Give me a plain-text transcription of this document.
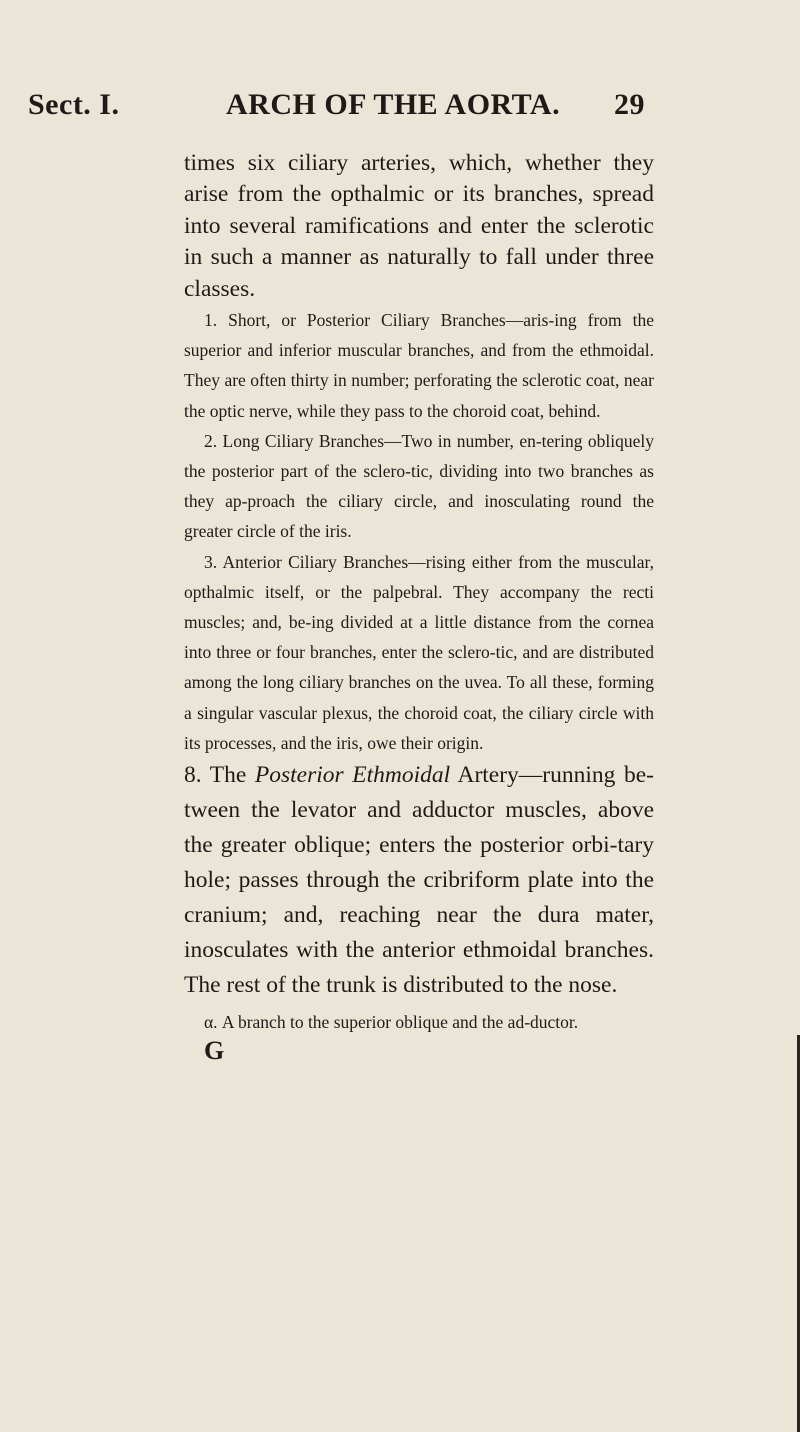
Sect. I.	ARCH OF THE AORTA. 29

times six ciliary arteries, which, whether they arise from the opthalmic or its branches, spread into several ramifications and enter the sclerotic in such a manner as naturally to fall under three classes.

1. Short, or Posterior Ciliary Branches—aris-ing from the superior and inferior muscular branches, and from the ethmoidal. They are often thirty in number; perforating the sclerotic coat, near the optic nerve, while they pass to the choroid coat, behind.

2. Long Ciliary Branches—Two in number, en-tering obliquely the posterior part of the sclero-tic, dividing into two branches as they ap-proach the ciliary circle, and inosculating round the greater circle of the iris.

3. Anterior Ciliary Branches—rising either from the muscular, opthalmic itself, or the palpebral. They accompany the recti muscles; and, be-ing divided at a little distance from the cornea into three or four branches, enter the sclero-tic, and are distributed among the long ciliary branches on the uvea. To all these, forming a singular vascular plexus, the choroid coat, the ciliary circle with its processes, and the iris, owe their origin.

8. The Posterior Ethmoidal Artery—running be-tween the levator and adductor muscles, above the greater oblique; enters the posterior orbi-tary hole; passes through the cribriform plate into the cranium; and, reaching near the dura mater, inosculates with the anterior ethmoidal branches. The rest of the trunk is distributed to the nose.

α. A branch to the superior oblique and the ad-ductor.

G
